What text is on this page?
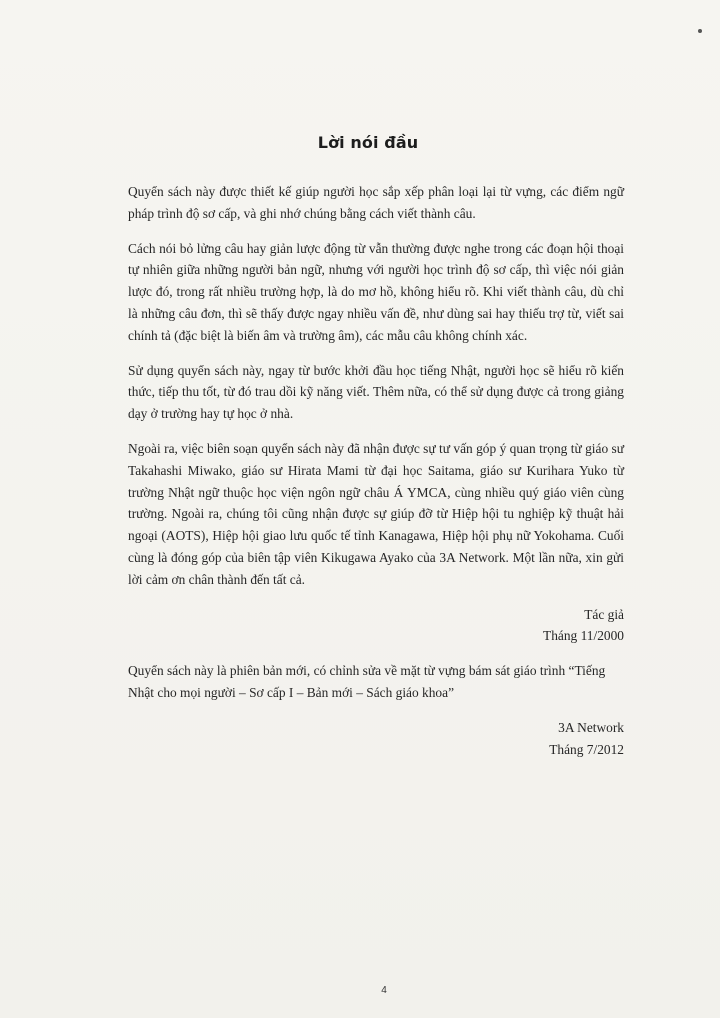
Lời nói đầu

Quyển sách này được thiết kế giúp người học sắp xếp phân loại lại từ vựng, các điểm ngữ pháp trình độ sơ cấp, và ghi nhớ chúng bằng cách viết thành câu.

Cách nói bỏ lửng câu hay giản lược động từ vẫn thường được nghe trong các đoạn hội thoại tự nhiên giữa những người bản ngữ, nhưng với người học trình độ sơ cấp, thì việc nói giản lược đó, trong rất nhiều trường hợp, là do mơ hồ, không hiểu rõ. Khi viết thành câu, dù chỉ là những câu đơn, thì sẽ thấy được ngay nhiều vấn đề, như dùng sai hay thiếu trợ từ, viết sai chính tả (đặc biệt là biến âm và trường âm), các mẫu câu không chính xác.

Sử dụng quyển sách này, ngay từ bước khởi đầu học tiếng Nhật, người học sẽ hiểu rõ kiến thức, tiếp thu tốt, từ đó trau dồi kỹ năng viết. Thêm nữa, có thể sử dụng được cả trong giảng dạy ở trường hay tự học ở nhà.

Ngoài ra, việc biên soạn quyển sách này đã nhận được sự tư vấn góp ý quan trọng từ giáo sư Takahashi Miwako, giáo sư Hirata Mami từ đại học Saitama, giáo sư Kurihara Yuko từ trường Nhật ngữ thuộc học viện ngôn ngữ châu Á YMCA, cùng nhiều quý giáo viên cùng trường. Ngoài ra, chúng tôi cũng nhận được sự giúp đỡ từ Hiệp hội tu nghiệp kỹ thuật hải ngoại (AOTS), Hiệp hội giao lưu quốc tế tỉnh Kanagawa, Hiệp hội phụ nữ Yokohama. Cuối cùng là đóng góp của biên tập viên Kikugawa Ayako của 3A Network. Một lần nữa, xin gửi lời cảm ơn chân thành đến tất cả.

Tác giả

Tháng 11/2000

Quyển sách này là phiên bản mới, có chỉnh sửa về mặt từ vựng bám sát giáo trình “Tiếng Nhật cho mọi người – Sơ cấp I – Bản mới – Sách giáo khoa”

3A Network

Tháng 7/2012

4
